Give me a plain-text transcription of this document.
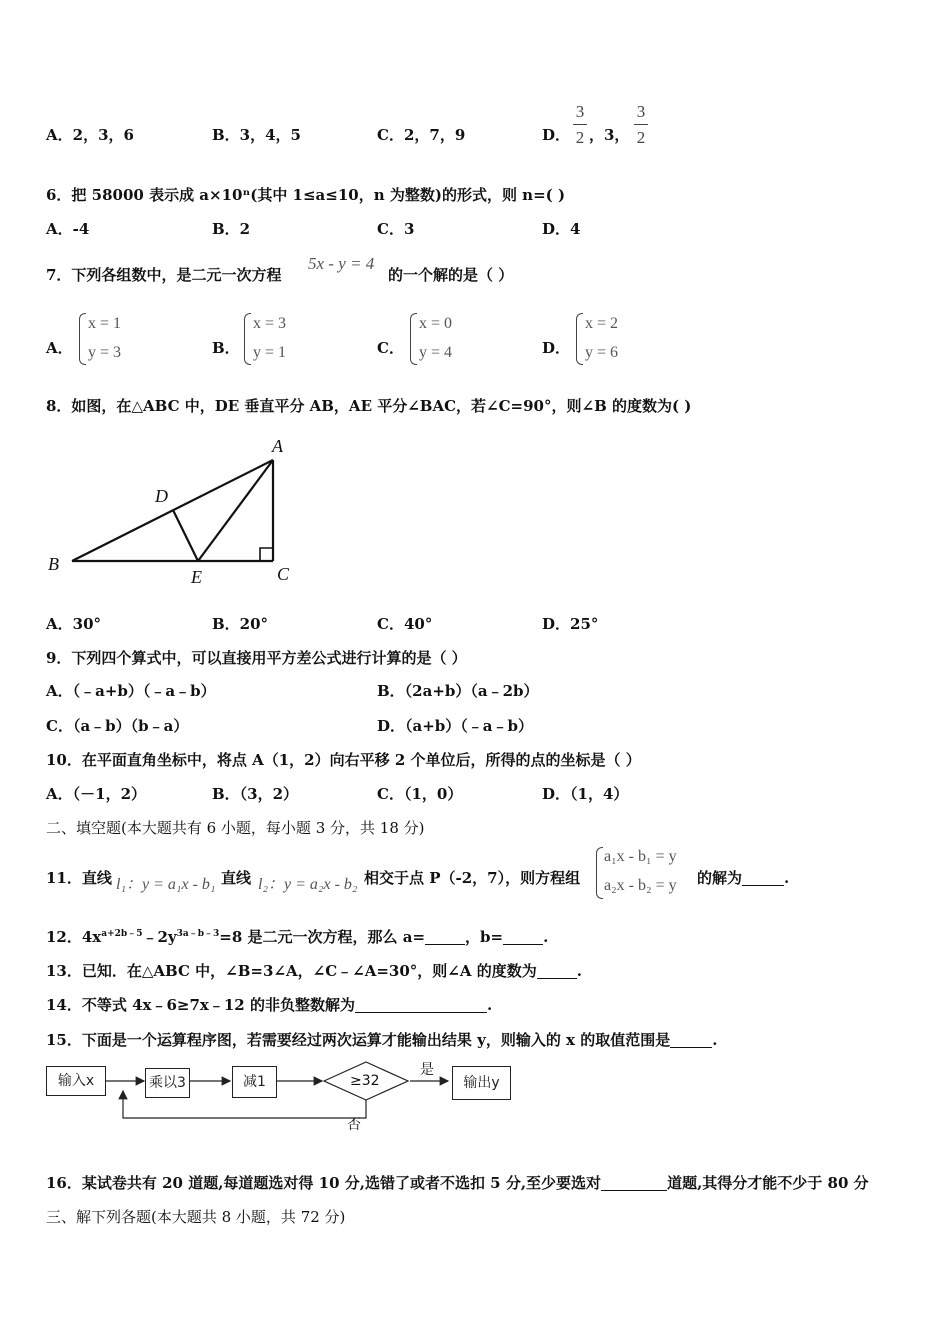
A．2，3，6	B．3，4，5	C．2，7，9	D．
3
2 ，3，
3
2
6．把 58000 表示成 a×10ⁿ(其中 1≤a≤10，n 为整数)的形式，则 n=( )
A．-4	B．2	C．3	D．4
7．下列各组数中，是二元一次方程
5x - y = 4
的一个解的是（ ）
A．
x = 1
y = 3	B．
x = 3
y = 1	C．
x = 0
y = 4	D．
x = 2
y = 6
8．如图，在△ABC 中，DE 垂直平分 AB，AE 平分∠BAC，若∠C=90°，则∠B 的度数为( )
A
B	C
D
E
A．30°	B．20°	C．40°	D．25°
9．下列四个算式中，可以直接用平方差公式进行计算的是（ ）
A．（﹣a+b）（﹣a﹣b）	B．（2a+b）（a﹣2b）
C．（a﹣b）（b﹣a）	D．（a+b）（﹣a﹣b）
10．在平面直角坐标中，将点 A（1，2）向右平移 2 个单位后，所得的点的坐标是（ ）
A．（－1，2）	B．（3，2）	C．（1，0）	D．（1，4）
二、填空题(本大题共有 6 小题，每小题 3 分，共 18 分)
11．直线 l₁：y = a₁x - b₁ 直线 l₂：y = a₂x - b₂ 相交于点 P（-2，7），则方程组
a₁x - b₁ = y
a₂x - b₂ = y 的解为	.
12．$4x^{a+2b﹣5}﹣2y^{3a﹣b﹣3}=8$ 是二元一次方程，那么 a=	，b=	.
13．已知．在△ABC 中，∠B=3∠A，∠C﹣∠A=30°，则∠A 的度数为	.
14．不等式 4x﹣6≥7x﹣12 的非负整数解为	.
15．下面是一个运算程序图，若需要经过两次运算才能输出结果 y，则输入的 x 的取值范围是	.
输入x	乘以3	减1	≥32
是
否
输出y
16．某试卷共有 20 道题,每道题选对得 10 分,选错了或者不选扣 5 分,至少要选对	道题,其得分才能不少于 80 分
三、解下列各题(本大题共 8 小题，共 72 分)
